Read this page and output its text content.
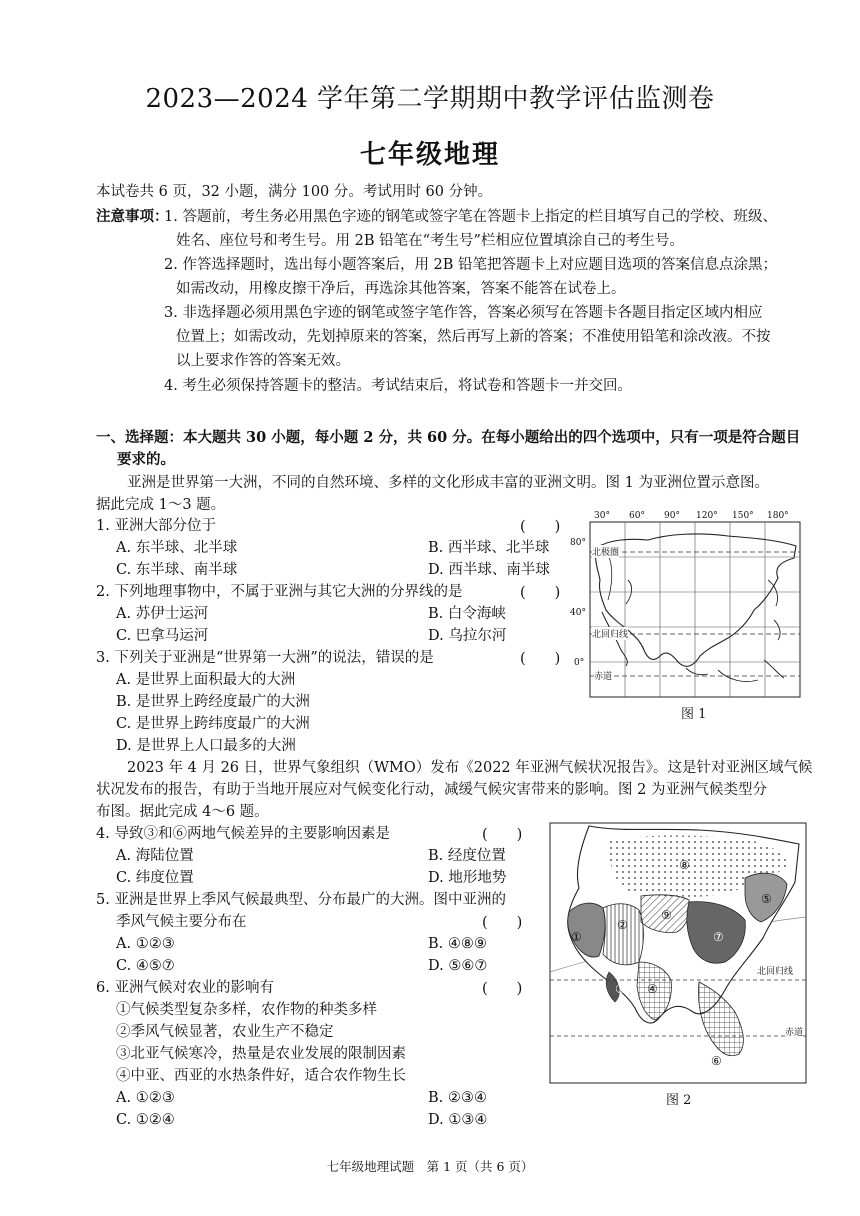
2023—2024 学年第二学期期中教学评估监测卷
七年级地理
本试卷共 6 页，32 小题，满分 100 分。考试用时 60 分钟。
注意事项：
1. 答题前，考生务必用黑色字迹的钢笔或签字笔在答题卡上指定的栏目填写自己的学校、班级、
姓名、座位号和考生号。用 2B 铅笔在“考生号”栏相应位置填涂自己的考生号。
2. 作答选择题时，选出每小题答案后，用 2B 铅笔把答题卡上对应题目选项的答案信息点涂黑；
如需改动，用橡皮擦干净后，再选涂其他答案，答案不能答在试卷上。
3. 非选择题必须用黑色字迹的钢笔或签字笔作答，答案必须写在答题卡各题目指定区域内相应
位置上；如需改动，先划掉原来的答案，然后再写上新的答案；不准使用铅笔和涂改液。不按
以上要求作答的答案无效。
4. 考生必须保持答题卡的整洁。考试结束后，将试卷和答题卡一并交回。
一、选择题：本大题共 30 小题，每小题 2 分，共 60 分。在每小题给出的四个选项中，只有一项是符合题目
要求的。
亚洲是世界第一大洲，不同的自然环境、多样的文化形成丰富的亚洲文明。图 1 为亚洲位置示意图。
据此完成 1～3 题。
1. 亚洲大部分位于	(　　)
A. 东半球、北半球	B. 西半球、北半球
C. 东半球、南半球	D. 西半球、南半球
2. 下列地理事物中，不属于亚洲与其它大洲的分界线的是	(　　)
A. 苏伊士运河	B. 白令海峡
C. 巴拿马运河	D. 乌拉尔河
3. 下列关于亚洲是“世界第一大洲”的说法，错误的是	(　　)
A. 是世界上面积最大的大洲
B. 是世界上跨经度最广的大洲
C. 是世界上跨纬度最广的大洲
D. 是世界上人口最多的大洲
30° 60° 90° 120° 150° 180°
80°
40°
0°
北极圈
北回归线
赤道
图 1
2023 年 4 月 26 日，世界气象组织（WMO）发布《2022 年亚洲气候状况报告》。这是针对亚洲区域气候
状况发布的报告，有助于当地开展应对气候变化行动，减缓气候灾害带来的影响。图 2 为亚洲气候类型分
布图。据此完成 4～6 题。
4. 导致③和⑥两地气候差异的主要影响因素是	(　　)
A. 海陆位置	B. 经度位置
C. 纬度位置	D. 地形地势
5. 亚洲是世界上季风气候最典型、分布最广的大洲。图中亚洲的
季风气候主要分布在	(　　)
A. ①②③	B. ④⑧⑨
C. ④⑤⑦	D. ⑤⑥⑦
6. 亚洲气候对农业的影响有	(　　)
①气候类型复杂多样，农作物的种类多样
②季风气候显著，农业生产不稳定
③北亚气候寒冷，热量是农业发展的限制因素
④中亚、西亚的水热条件好，适合农作物生长
A. ①②③	B. ②③④
C. ①②④	D. ①③④
北回归线
赤道
①
②
③ ④
⑤
⑥
⑦
⑧
⑨
图 2
七年级地理试题　第 1 页（共 6 页）
